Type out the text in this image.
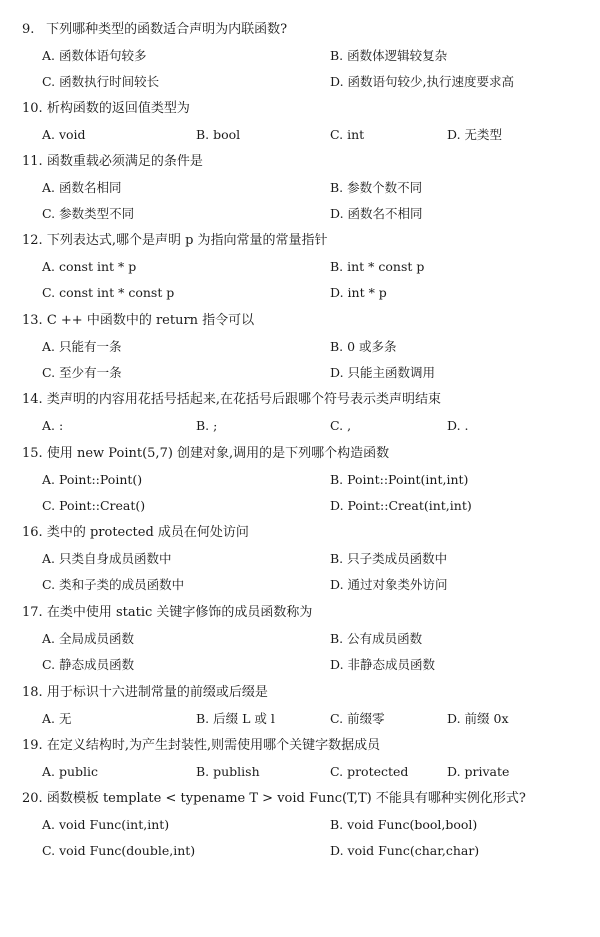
9. 下列哪种类型的函数适合声明为内联函数?
A. 函数体语句较多	B. 函数体逻辑较复杂
C. 函数执行时间较长	D. 函数语句较少,执行速度要求高
10. 析构函数的返回值类型为
A. void	B. bool	C. int	D. 无类型
11. 函数重载必须满足的条件是
A. 函数名相同	B. 参数个数不同
C. 参数类型不同	D. 函数名不相同
12. 下列表达式,哪个是声明 p 为指向常量的常量指针
A. const int * p	B. int * const p
C. const int * const p	D. int * p
13. C ++ 中函数中的 return 指令可以
A. 只能有一条	B. 0 或多条
C. 至少有一条	D. 只能主函数调用
14. 类声明的内容用花括号括起来,在花括号后跟哪个符号表示类声明结束
A. :	B. ;	C. ,	D. .
15. 使用 new Point(5,7) 创建对象,调用的是下列哪个构造函数
A. Point::Point()	B. Point::Point(int,int)
C. Point::Creat()	D. Point::Creat(int,int)
16. 类中的 protected 成员在何处访问
A. 只类自身成员函数中	B. 只子类成员函数中
C. 类和子类的成员函数中	D. 通过对象类外访问
17. 在类中使用 static 关键字修饰的成员函数称为
A. 全局成员函数	B. 公有成员函数
C. 静态成员函数	D. 非静态成员函数
18. 用于标识十六进制常量的前缀或后缀是
A. 无	B. 后缀 L 或 l	C. 前缀零	D. 前缀 0x
19. 在定义结构时,为产生封装性,则需使用哪个关键字数据成员
A. public	B. publish	C. protected	D. private
20. 函数模板 template < typename T > void Func(T,T) 不能具有哪种实例化形式?
A. void Func(int,int)	B. void Func(bool,bool)
C. void Func(double,int)	D. void Func(char,char)
